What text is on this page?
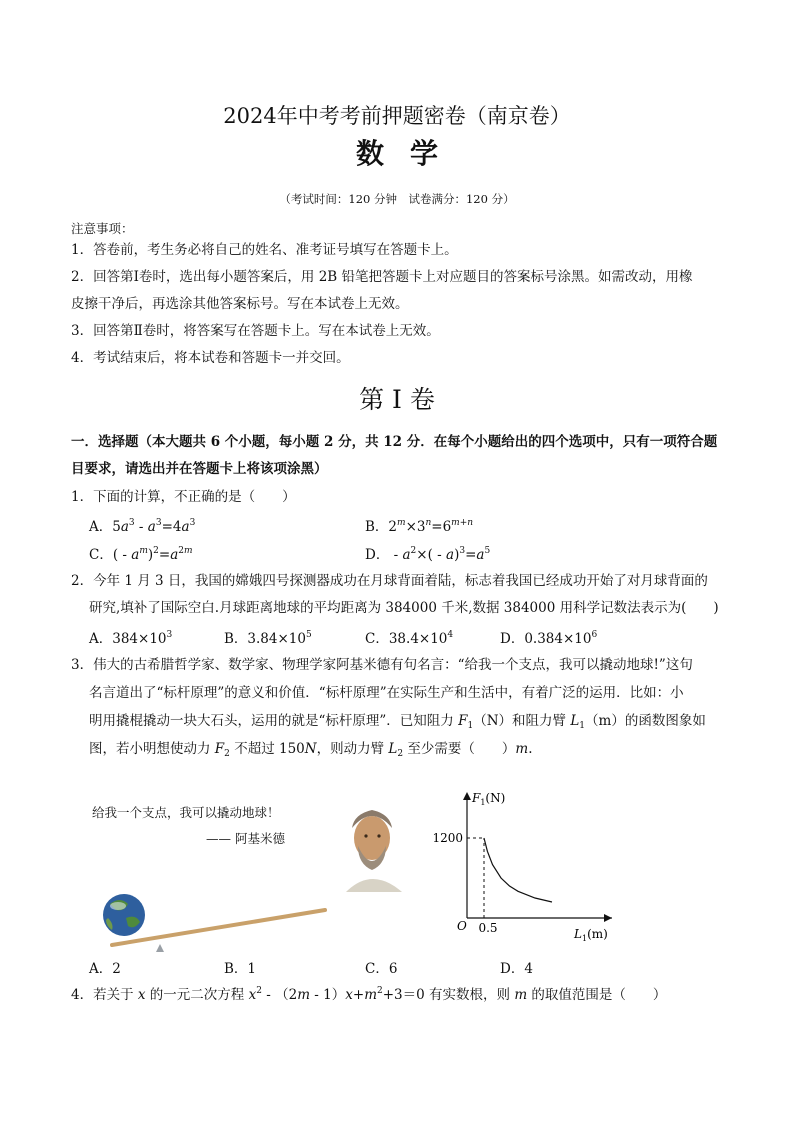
2024年中考考前押题密卷（南京卷）
数学
（考试时间：120 分钟　试卷满分：120 分）
注意事项：
1．答卷前，考生务必将自己的姓名、准考证号填写在答题卡上。
2．回答第Ⅰ卷时，选出每小题答案后，用 2B 铅笔把答题卡上对应题目的答案标号涂黑。如需改动，用橡
皮擦干净后，再选涂其他答案标号。写在本试卷上无效。
3．回答第Ⅱ卷时，将答案写在答题卡上。写在本试卷上无效。
4．考试结束后，将本试卷和答题卡一并交回。
第 I 卷
一．选择题（本大题共 6 个小题，每小题 2 分，共 12 分．在每个小题给出的四个选项中，只有一项符合题
目要求，请选出并在答题卡上将该项涂黑）
1．下面的计算，不正确的是（　　）
A．$5a^3 - a^3=4a^3$	B．$2^m\times 3^n=6^{m+n}$
C．( - $a^m)^2=a^{2m}$	D． - $a^2\times( - a)^3=a^5$
2．今年 1 月 3 日，我国的嫦娥四号探测器成功在月球背面着陆，标志着我国已经成功开始了对月球背面的
研究,填补了国际空白.月球距离地球的平均距离为 384000 千米,数据 384000 用科学记数法表示为(　　)
A．$384\times 10^3$	B．$3.84\times 10^5$	C．$38.4\times 10^4$	D．$0.384\times 10^6$
3．伟大的古希腊哲学家、数学家、物理学家阿基米德有句名言：“给我一个支点，我可以撬动地球!”这句
名言道出了“标杆原理”的意义和价值．“标杆原理”在实际生产和生活中，有着广泛的运用．比如：小
明用撬棍撬动一块大石头，运用的就是“标杆原理”．已知阻力 $F_1(N)$和阻力臂 $L_1(m)$的函数图象如
图，若小明想使动力 $F_2$ 不超过 150N，则动力臂 $L_2$ 至少需要（　　）m.
给我一个支点，我可以撬动地球！
—— 阿基米德
O
1200
0.5
$F_1(N)$
$L_1(m)$
A．2	B．1	C．6	D．4
4．若关于 x 的一元二次方程 $x^2 - (2m - 1)x+m^2+3=0$ 有实数根，则 m 的取值范围是（　　）
